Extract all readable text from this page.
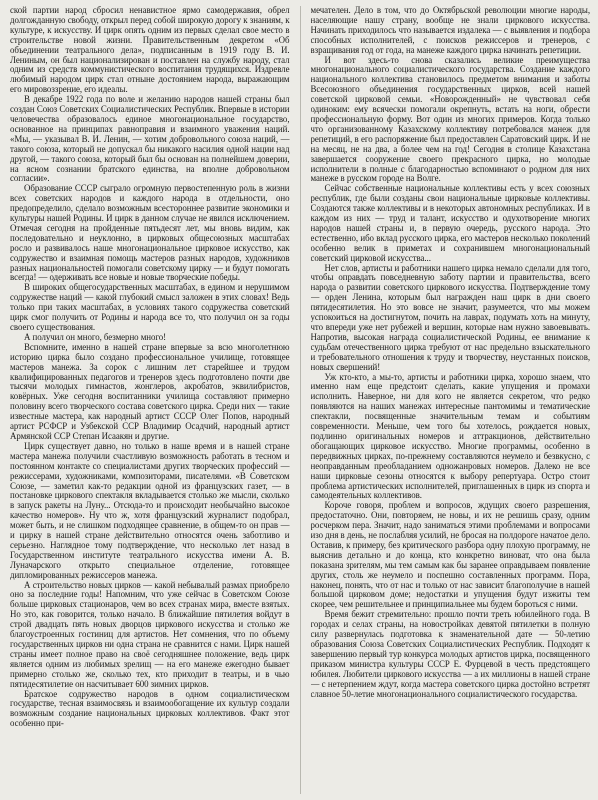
ской партии народ сбросил ненавистное ярмо самодержавия, обрел долгожданную свободу, открыл перед собой широкую дорогу к знаниям, к культуре, к искусству. И цирк опять одним из первых сделал свое место в строительстве новой жизни. Правительственным декретом «Об объединении театрального дела», подписанным в 1919 году В. И. Лениным, он был национализирован и поставлен на службу народу, стал одним из средств коммунистического воспитания трудящихся. Издревле любимый народом цирк стал отныне достоянием народа, выражающим его мировоззрение, его идеалы.

В декабре 1922 года по воле и желанию народов нашей страны был создан Союз Советских Социалистических Республик. Впервые в истории человечества образовалось единое многонациональное государство, основанное на принципах равноправия и взаимного уважения наций. «Мы, — указывал В. И. Ленин, — хотим добровольного союза наций, — такого союза, который не допускал бы никакого насилия одной нации над другой, — такого союза, который был бы основан на полнейшем доверии, на ясном сознании братского единства, на вполне добровольном согласии».

Образование СССР сыграло огромную первостепенную роль в жизни всех советских народов и каждого народа в отдельности, оно предопределило, сделало возможным всестороннее развитие экономики и культуры нашей Родины. И цирк в данном случае не явился исключением. Отмечая сегодня на пройденные пятьдесят лет, мы вновь видим, как последовательно и неуклонно, в цирковых общесоюзных масштабах росло и развивалось наше многонациональное цирковое искусство, как содружество и взаимная помощь мастеров разных народов, художников разных национальностей помогали советскому цирку — и будут помогать всегда! — одерживать все новые и новые творческие победы.

В широких общегосударственных масштабах, в едином и нерушимом содружестве наций — какой глубокий смысл заложен в этих словах! Ведь только при таких масштабах, в условиях такого содружества советский цирк смог получить от Родины и народа все то, что получил он за годы своего существования.

А получил он много, безмерно много!

Вспомните, именно в нашей стране впервые за всю многолетнюю историю цирка было создано профессиональное училище, готовящее мастеров манежа. За сорок с лишним лет старейшее и трудом квалифицированных педагогов и тренеров здесь подготовлено почти две тысячи молодых гимнастов, жонглеров, акробатов, эквилибристов, ковёрных. Уже сегодня воспитанники училища составляют примерно половину всего творческого состава советского цирка. Среди них — такие известные мастера, как народный артист СССР Олег Попов, народный артист РСФСР и Узбекской ССР Владимир Осадчий, народный артист Армянской ССР Степан Исаакян и другие.

Цирк существует давно, но только в наше время и в нашей стране мастера манежа получили счастливую возможность работать в тесном и постоянном контакте со специалистами других творческих профессий — режиссерами, художниками, композиторами, писателями. «В Советском Союзе, — заметил как-то редакции одной из французских газет, — в постановке циркового спектакля вкладывается столько же мысли, сколько в запуск ракеты на Луну... Отсюда-то и происходит необычайно высокое качество номеров». Ну что ж, хотя французский журналист подобрал, может быть, и не слишком подходящее сравнение, в общем-то он прав — и цирку в нашей стране действительно относятся очень заботливо и серьезно. Наглядное тому подтверждение, что несколько лет назад в Государственном институте театрального искусства имени А. В. Луначарского открыто специальное отделение, готовящее дипломированных режиссеров манежа.

А строительство новых цирков — какой небывалый размах приобрело оно за последние годы! Напомним, что уже сейчас в Советском Союзе больше цирковых стационаров, чем во всех странах мира, вместе взятых. Но это, как говорится, только начало. В ближайшие пятилетия войдут в строй двадцать пять новых дворцов циркового искусства и столько же благоустроенных гостиниц для артистов. Нет сомнения, что по объему государственных цирков ни одна страна не сравнится с нами. Цирк нашей страны имеет полное право на своё сегодняшнее положение, ведь цирк является одним из любимых зрелищ — на его манеже ежегодно бывает примерно столько же, сколько тех, кто приходит в театры, и в чью пятидесятилетие он насчитывает 600 зимних цирков.

Братское содружество народов в одном социалистическом государстве, тесная взаимосвязь и взаимообогащение их культур создали возможным создание национальных цирковых коллективов. Факт этот особенно при-

мечателен. Дело в том, что до Октябрьской революции многие народы, населяющие нашу страну, вообще не знали циркового искусства. Начинать приходилось что называется издалека — с выявления и подбора способных исполнителей, с поисков режиссеров и тренеров, с взращивания год от года, на манеже каждого цирка начинать репетиции.

И вот здесь-то снова сказались великие преимущества многонационального социалистического государства. Создание каждого национального коллектива становилось предметом внимания и заботы Всесоюзного объединения государственных цирков, всей нашей советской цирковой семьи. «Новорожденный» не чувствовал себя одиноким: ему всячески помогали окрепнуть, встать на ноги, обрести профессиональную форму. Вот один из многих примеров. Когда только что организованному Казахскому коллективу потребовался манеж для репетиций, в его распоряжение был предоставлен Саратовский цирк. И не на месяц, не на два, а более чем на год! Сегодня в столице Казахстана завершается сооружение своего прекрасного цирка, но молодые исполнители в полные с благодарностью вспоминают о родном для них манеже в русском городе на Волге.

Сейчас собственные национальные коллективы есть у всех союзных республик, где были созданы свои национальные цирковые коллективы. Создаются также коллективы и в некоторых автономных республиках. И в каждом из них — труд и талант, искусство и одухотворение многих народов нашей страны и, в первую очередь, русского народа. Это естественно, ибо вклад русского цирка, его мастеров несколько поколений особенно велик в приметах и сохранившем многонациональный советский цирковой искусства...

Нет слов, артисты и работники нашего цирка немало сделали для того, чтобы оправдать повседневную заботу партии и правительства, всего народа о развитии советского циркового искусства. Подтверждение тому — орден Ленина, которым был награжден наш цирк в дни своего пятидесятилетия. Но это вовсе не значит, разумеется, что мы можем успокоиться на достигнутом, почить на лаврах, подумать хоть на минуту, что впереди уже нет рубежей и вершин, которые нам нужно завоевывать. Напротив, высокая награда социалистической Родины, ее внимание к судьбам отечественного цирка требуют от нас предельно взыскательного и требовательного отношения к труду и творчеству, неустанных поисков, новых свершений!

Уж кто-кто, а мы-то, артисты и работники цирка, хорошо знаем, что именно нам еще предстоит сделать, какие упущения и промахи исполнить. Наверное, ни для кого не является секретом, что редко появляются на наших манежах интересные пантомимы и тематические спектакли, посвященные значительным темам и событиям современности. Меньше, чем того бы хотелось, рождается новых, подлинно оригинальных номеров и аттракционов, действительно обогащающих цирковое искусство. Многие программы, особенно в передвижных цирках, по-прежнему составляются неумело и безвкусно, с неоправданным преобладанием одножанровых номеров. Далеко не все наши цирковые сезоны относятся к выбору репертуара. Остро стоит проблема артистических исполнителей, приглашенных в цирк из спорта и самодеятельных коллективов.

Короче говоря, проблем и вопросов, ждущих своего разрешения, предостаточно. Они, повторяем, не новы, и их не решишь сразу, одним росчерком пера. Значит, надо заниматься этими проблемами и вопросами изо дня в день, не послабляя усилий, не бросая на полдороге начатое дело. Оставив, к примеру, без критического разбора одну плохую программу, не выяснив детально и до конца, кто конкретно виноват, что она была показана зрителям, мы тем самым как бы заранее оправдываем появление других, столь же неумело и поспешно составленных программ. Пора, наконец, понять, что от нас и только от нас зависит благополучие в нашей большой цирковом доме; недостатки и упущения будут изжиты тем скорее, чем решительнее и принципиальнее мы будем бороться с ними.

Время бежит стремительно: прошло почти треть юбилейного года. В городах и селах страны, на новостройках девятой пятилетки в полную силу развернулась подготовка к знаменательной дате — 50-летию образования Союза Советских Социалистических Республик. Подходят к завершению первый тур конкурса молодых артистов цирка, посвященного приказом министра культуры СССР Е. Фурцевой в честь предстоящего юбилея. Любители циркового искусства — а их миллионы в нашей стране — с нетерпением ждут, когда мастера советского цирка достойно встретят славное 50-летие многонационального социалистического государства.
